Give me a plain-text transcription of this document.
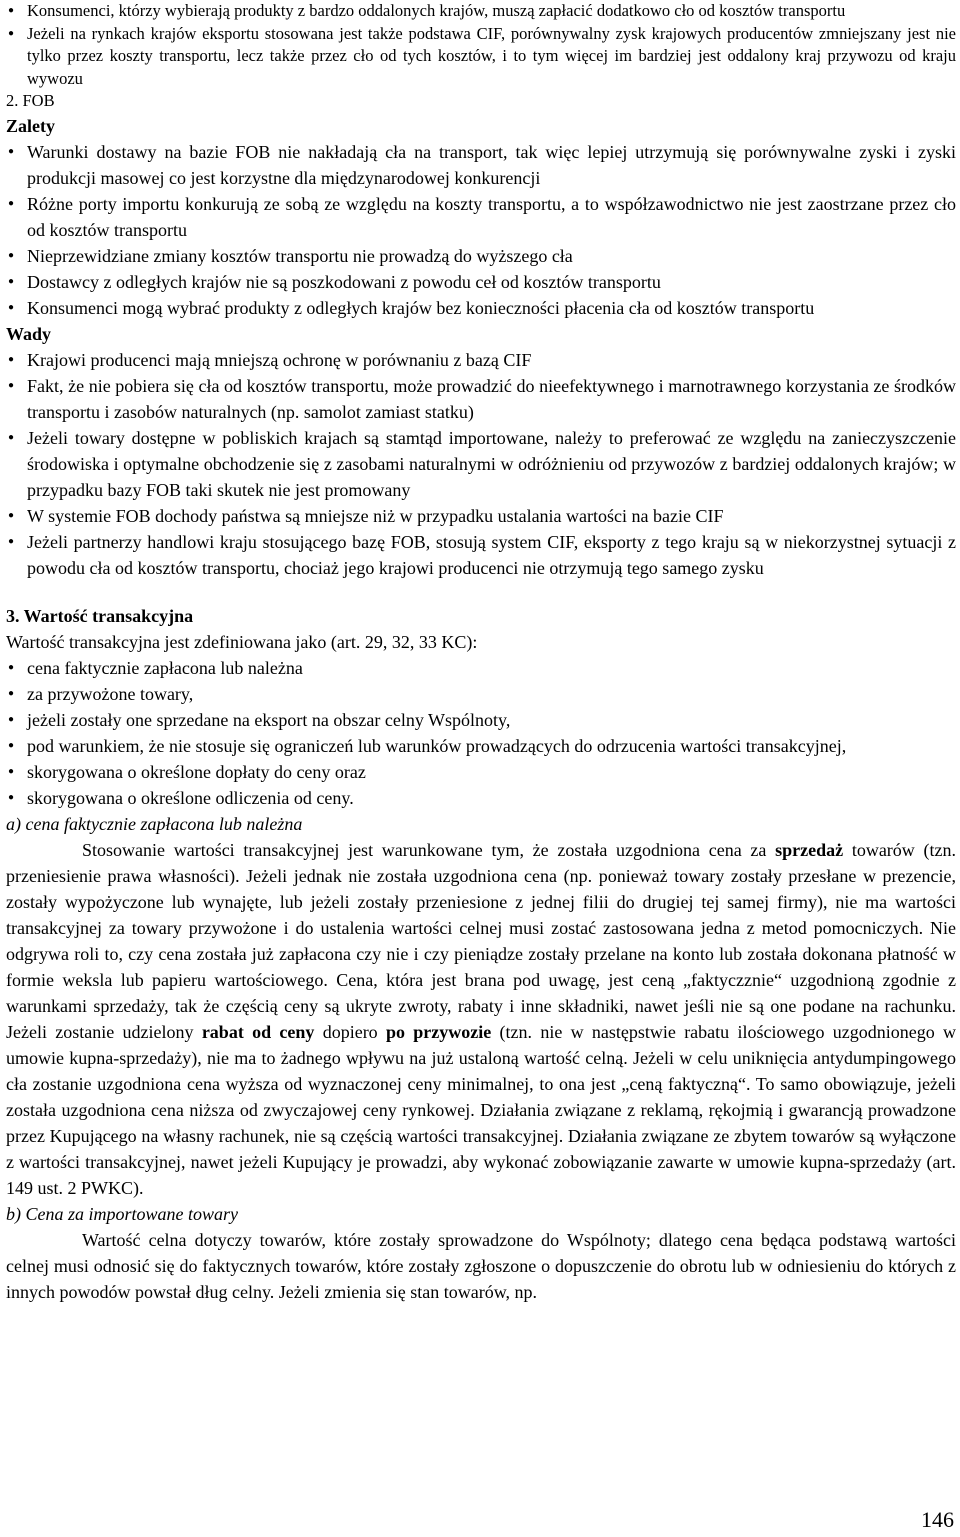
● Konsumenci, którzy wybierają produkty z bardzo oddalonych krajów, muszą zapłacić dodatkowo cło od kosztów transportu

● Jeżeli na rynkach krajów eksportu stosowana jest także podstawa CIF, porównywalny zysk krajowych producentów zmniejszany jest nie tylko przez koszty transportu, lecz także przez cło od tych kosztów, i to tym więcej im bardziej jest oddalony kraj przywozu od kraju wywozu

2. FOB

Zalety

● Warunki dostawy na bazie FOB nie nakładają cła na transport, tak więc lepiej utrzymują się porównywalne zyski i zyski produkcji masowej co jest korzystne dla międzynarodowej konkurencji

● Różne porty importu konkurują ze sobą ze względu na koszty transportu, a to współzawodnictwo nie jest zaostrzane przez cło od kosztów transportu

● Nieprzewidziane zmiany kosztów transportu nie prowadzą do wyższego cła

● Dostawcy z odległych krajów nie są poszkodowani z powodu ceł od kosztów transportu

● Konsumenci mogą wybrać produkty z odległych krajów bez konieczności płacenia cła od kosztów transportu

Wady

● Krajowi producenci mają mniejszą ochronę w porównaniu z bazą CIF

● Fakt, że nie pobiera się cła od kosztów transportu, może prowadzić do nieefektywnego i marnotrawnego korzystania ze środków transportu i zasobów naturalnych (np. samolot zamiast statku)

● Jeżeli towary dostępne w pobliskich krajach są stamtąd importowane, należy to preferować ze względu na zanieczyszczenie środowiska i optymalne obchodzenie się z zasobami naturalnymi w odróżnieniu od przywozów z bardziej oddalonych krajów; w przypadku bazy FOB taki skutek nie jest promowany

● W systemie FOB dochody państwa są mniejsze niż w przypadku ustalania wartości na bazie CIF

● Jeżeli partnerzy handlowi kraju stosującego bazę FOB, stosują system CIF, eksporty z tego kraju są w niekorzystnej sytuacji z powodu cła od kosztów transportu, chociaż jego krajowi producenci nie otrzymują tego samego zysku

3. Wartość transakcyjna

Wartość transakcyjna jest zdefiniowana jako (art. 29, 32, 33 KC):

● cena faktycznie zapłacona lub należna

● za przywożone towary,

● jeżeli zostały one sprzedane na eksport na obszar celny Wspólnoty,

● pod warunkiem, że nie stosuje się ograniczeń lub warunków prowadzących do odrzucenia wartości transakcyjnej,

● skorygowana o określone dopłaty do ceny oraz

● skorygowana o określone odliczenia od ceny.

a) cena faktycznie zapłacona lub należna

Stosowanie wartości transakcyjnej jest warunkowane tym, że została uzgodniona cena za sprzedaż towarów (tzn. przeniesienie prawa własności). Jeżeli jednak nie została uzgodniona cena (np. ponieważ towary zostały przesłane w prezencie, zostały wypożyczone lub wynajęte, lub jeżeli zostały przeniesione z jednej filii do drugiej tej samej firmy), nie ma wartości transakcyjnej za towary przywożone i do ustalenia wartości celnej musi zostać zastosowana jedna z metod pomocniczych. Nie odgrywa roli to, czy cena została już zapłacona czy nie i czy pieniądze zostały przelane na konto lub została dokonana płatność w formie weksla lub papieru wartościowego. Cena, która jest brana pod uwagę, jest ceną „faktyczznie“ uzgodnioną zgodnie z warunkami sprzedaży, tak że częścią ceny są ukryte zwroty, rabaty i inne składniki, nawet jeśli nie są one podane na rachunku. Jeżeli zostanie udzielony rabat od ceny dopiero po przywozie (tzn. nie w następstwie rabatu ilościowego uzgodnionego w umowie kupna-sprzedaży), nie ma to żadnego wpływu na już ustaloną wartość celną. Jeżeli w celu uniknięcia antydumpingowego cła zostanie uzgodniona cena wyższa od wyznaczonej ceny minimalnej, to ona jest „ceną faktyczną“. To samo obowiązuje, jeżeli została uzgodniona cena niższa od zwyczajowej ceny rynkowej. Działania związane z reklamą, rękojmią i gwarancją prowadzone przez Kupującego na własny rachunek, nie są częścią wartości transakcyjnej. Działania związane ze zbytem towarów są wyłączone z wartości transakcyjnej, nawet jeżeli Kupujący je prowadzi, aby wykonać zobowiązanie zawarte w umowie kupna-sprzedaży (art. 149 ust. 2 PWKC).

b) Cena za importowane towary

Wartość celna dotyczy towarów, które zostały sprowadzone do Wspólnoty; dlatego cena będąca podstawą wartości celnej musi odnosić się do faktycznych towarów, które zostały zgłoszone o dopuszczenie do obrotu lub w odniesieniu do których z innych powodów powstał dług celny. Jeżeli zmienia się stan towarów, np.

146
